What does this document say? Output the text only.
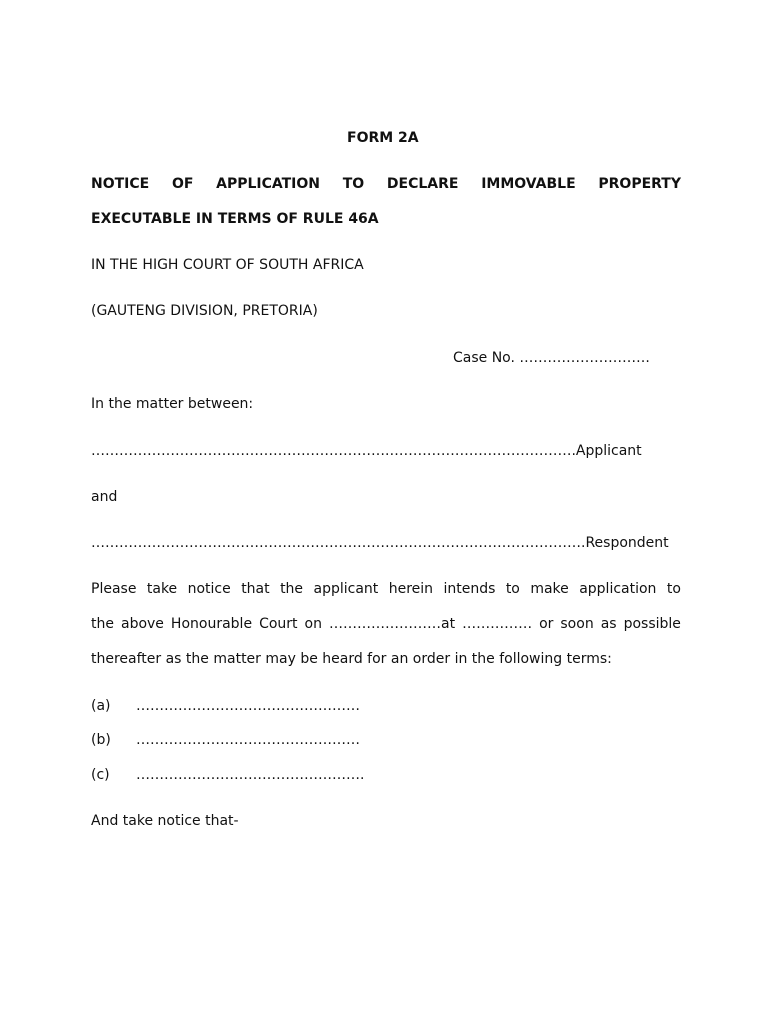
FORM 2A
NOTICE OF APPLICATION TO DECLARE IMMOVABLE PROPERTY
EXECUTABLE IN TERMS OF RULE 46A
IN THE HIGH COURT OF SOUTH AFRICA
(GAUTENG DIVISION, PRETORIA)
Case No. ……………………….
In the matter between:
……………………………………………………….………………………………….Applicant
and
…………………………………………………………………………………………….Respondent
Please take notice that the applicant herein intends to make application to
the above Honourable Court on ……………………at …………… or soon as possible
thereafter as the matter may be heard for an order in the following terms:
(a) …………………………………………
(b) …………………………………………
(c) ………………………………………….
And take notice that-
